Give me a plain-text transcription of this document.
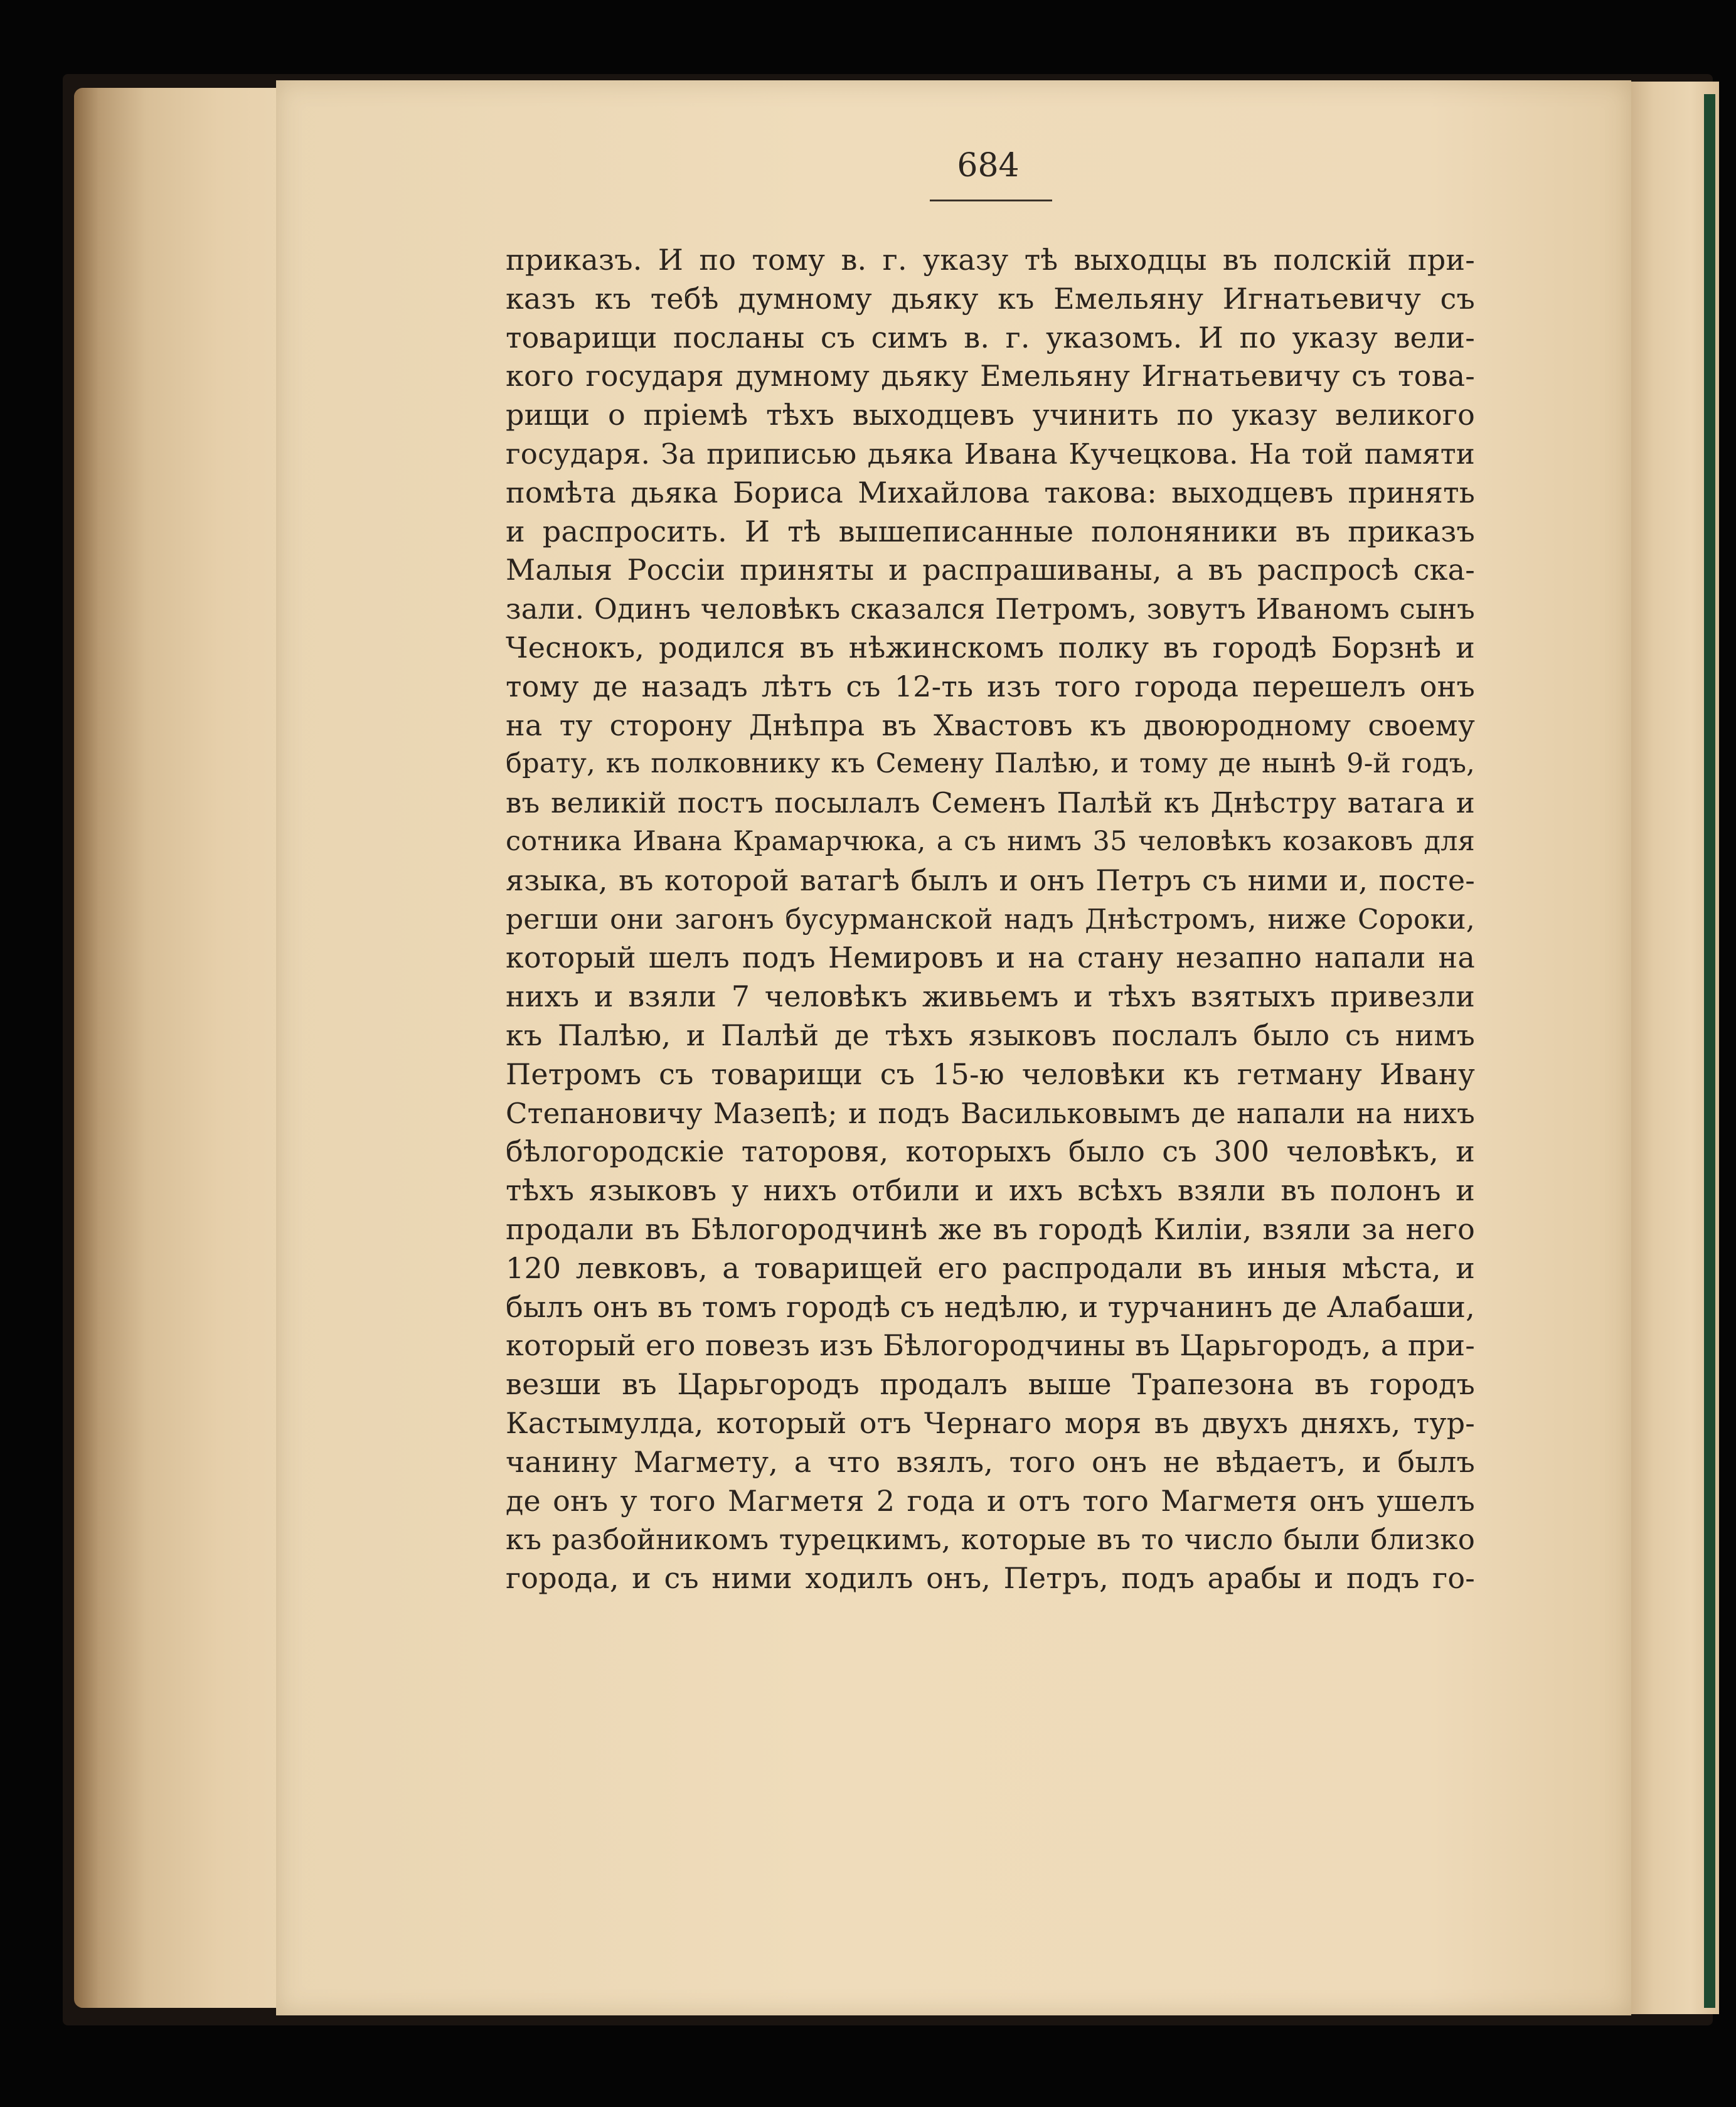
684
приказъ. И по тому в. г. указу тѣ выходцы въ полскій при-
казъ къ тебѣ думному дьяку къ Емельяну Игнатьевичу съ
товарищи посланы съ симъ в. г. указомъ. И по указу вели-
кого государя думному дьяку Емельяну Игнатьевичу съ това-
рищи о пріемѣ тѣхъ выходцевъ учинить по указу великого
государя. За приписью дьяка Ивана Кучецкова. На той памяти
помѣта дьяка Бориса Михайлова такова: выходцевъ принять
и распросить. И тѣ вышеписанные полоняники въ приказъ
Малыя Россіи приняты и распрашиваны, а въ распросѣ ска-
зали. Одинъ человѣкъ сказался Петромъ, зовутъ Иваномъ сынъ
Чеснокъ, родился въ нѣжинскомъ полку въ городѣ Борзнѣ и
тому де назадъ лѣтъ съ 12-ть изъ того города перешелъ онъ
на ту сторону Днѣпра въ Хвастовъ къ двоюродному своему
брату, къ полковнику къ Семену Палѣю, и тому де нынѣ 9-й годъ,
въ великій постъ посылалъ Семенъ Палѣй къ Днѣстру ватага и
сотника Ивана Крамарчюка, а съ нимъ 35 человѣкъ козаковъ для
языка, въ которой ватагѣ былъ и онъ Петръ съ ними и, посте-
регши они загонъ бусурманской надъ Днѣстромъ, ниже Сороки,
который шелъ подъ Немировъ и на стану незапно напали на
нихъ и взяли 7 человѣкъ живьемъ и тѣхъ взятыхъ привезли
къ Палѣю, и Палѣй де тѣхъ языковъ послалъ было съ нимъ
Петромъ съ товарищи съ 15-ю человѣки къ гетману Ивану
Степановичу Мазепѣ; и подъ Васильковымъ де напали на нихъ
бѣлогородскіе таторовя, которыхъ было съ 300 человѣкъ, и
тѣхъ языковъ у нихъ отбили и ихъ всѣхъ взяли въ полонъ и
продали въ Бѣлогородчинѣ же въ городѣ Киліи, взяли за него
120 левковъ, а товарищей его распродали въ иныя мѣста, и
былъ онъ въ томъ городѣ съ недѣлю, и турчанинъ де Алабаши,
который его повезъ изъ Бѣлогородчины въ Царьгородъ, а при-
везши въ Царьгородъ продалъ выше Трапезона въ городъ
Кастымулда, который отъ Чернаго моря въ двухъ дняхъ, тур-
чанину Магмету, а что взялъ, того онъ не вѣдаетъ, и былъ
де онъ у того Магметя 2 года и отъ того Магметя онъ ушелъ
къ разбойникомъ турецкимъ, которые въ то число были близко
города, и съ ними ходилъ онъ, Петръ, подъ арабы и подъ го-
